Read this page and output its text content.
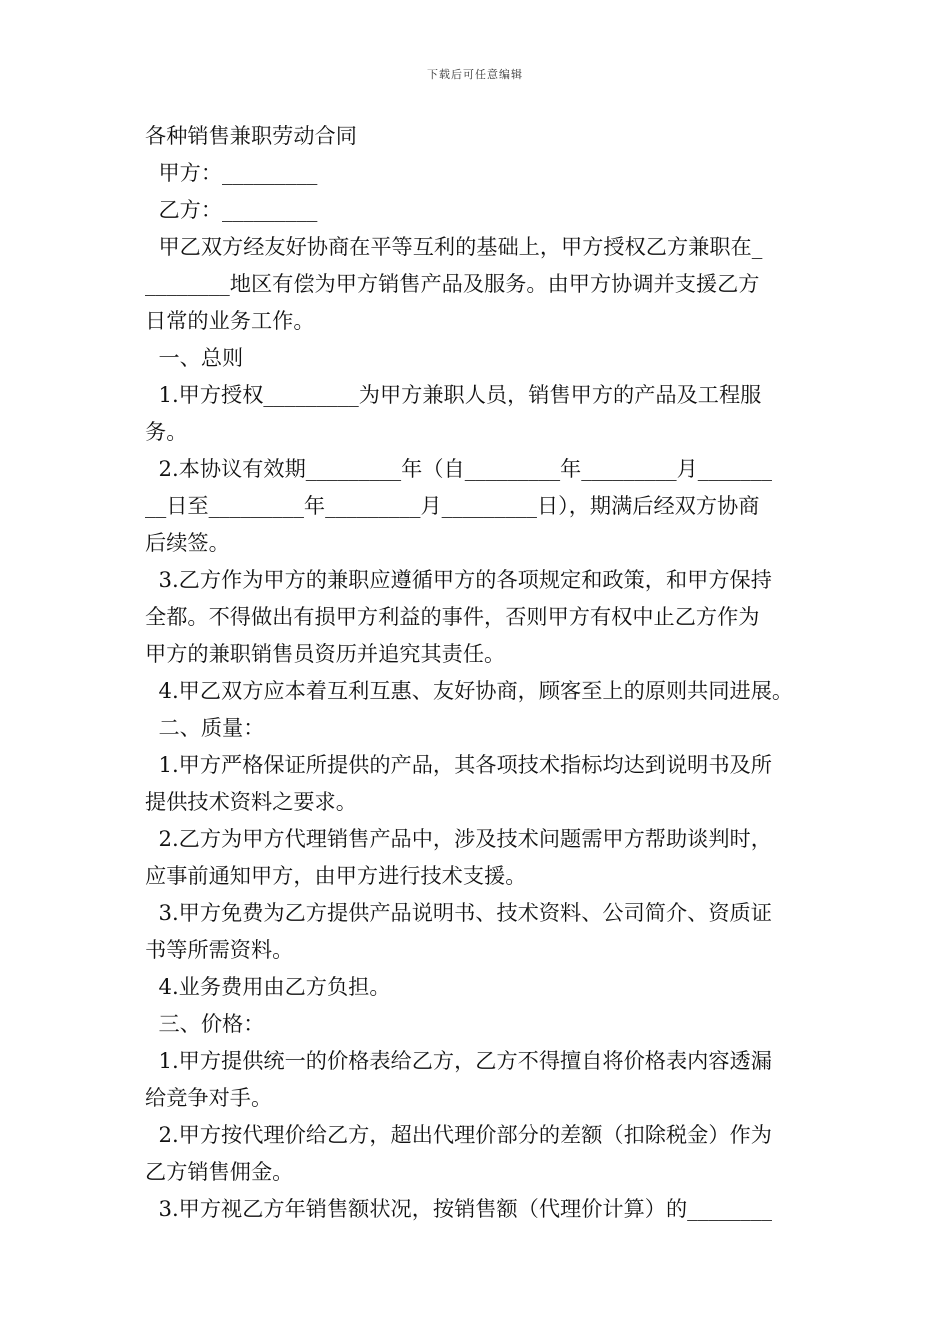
下载后可任意编辑
各种销售兼职劳动合同
甲方：_________
乙方：_________
甲乙双方经友好协商在平等互利的基础上，甲方授权乙方兼职在_
________地区有偿为甲方销售产品及服务。由甲方协调并支援乙方
日常的业务工作。
一、总则
1.甲方授权_________为甲方兼职人员，销售甲方的产品及工程服
务。
2.本协议有效期_________年（自_________年_________月_______
__日至_________年_________月_________日），期满后经双方协商
后续签。
3.乙方作为甲方的兼职应遵循甲方的各项规定和政策，和甲方保持
全都。不得做出有损甲方利益的事件，否则甲方有权中止乙方作为
甲方的兼职销售员资历并追究其责任。
4.甲乙双方应本着互利互惠、友好协商，顾客至上的原则共同进展。
二、质量：
1.甲方严格保证所提供的产品，其各项技术指标均达到说明书及所
提供技术资料之要求。
2.乙方为甲方代理销售产品中，涉及技术问题需甲方帮助谈判时，
应事前通知甲方，由甲方进行技术支援。
3.甲方免费为乙方提供产品说明书、技术资料、公司简介、资质证
书等所需资料。
4.业务费用由乙方负担。
三、价格：
1.甲方提供统一的价格表给乙方，乙方不得擅自将价格表内容透漏
给竞争对手。
2.甲方按代理价给乙方，超出代理价部分的差额（扣除税金）作为
乙方销售佣金。
3.甲方视乙方年销售额状况，按销售额（代理价计算）的________
